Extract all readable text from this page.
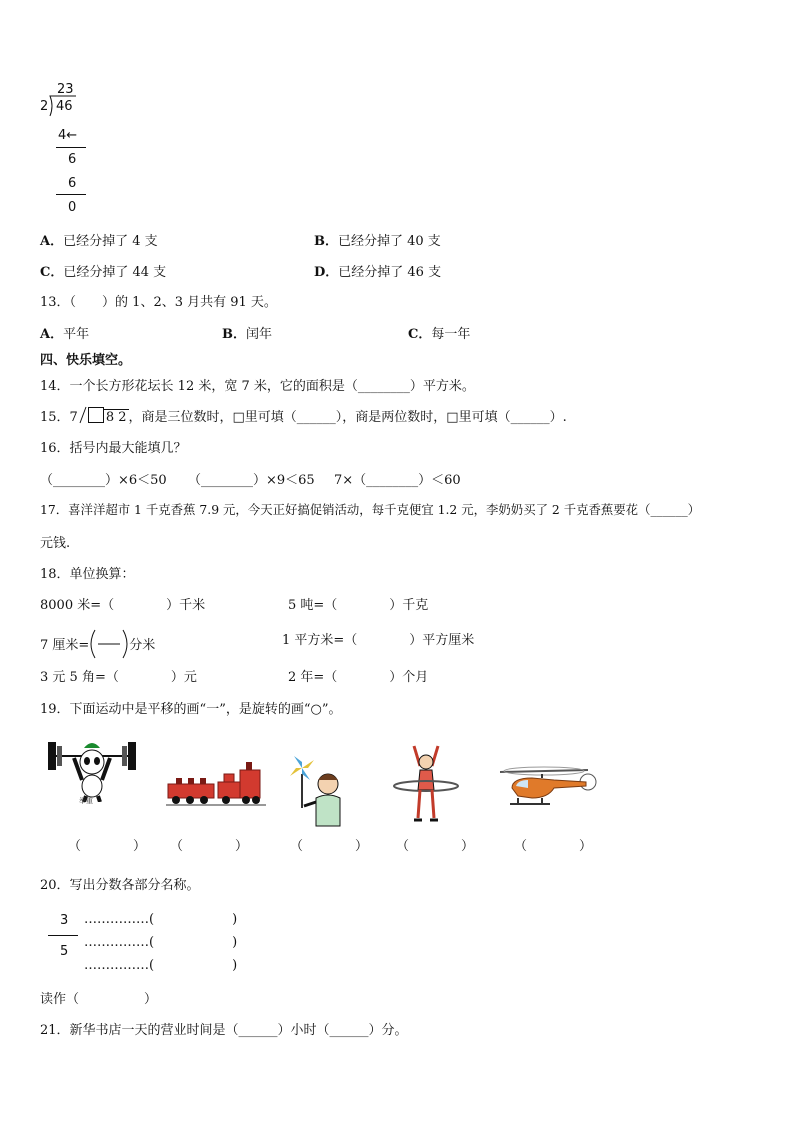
23
2 46
4←
6
6
0
A．已经分掉了 4 支	B．已经分掉了 40 支
C．已经分掉了 44 支	D．已经分掉了 46 支
13．（　　）的 1、2、3 月共有 91 天。
A．平年	B．闰年	C．每一年
四、快乐填空。
14．一个长方形花坛长 12 米，宽 7 米，它的面积是（________）平方米。
15．7 8 2 ，商是三位数时，□里可填（______），商是两位数时，□里可填（______）.
16．括号内最大能填几？
（________）×6＜50 （________）×9＜65 7×（________）＜60
17．喜洋洋超市 1 千克香蕉 7.9 元，今天正好搞促销活动，每千克便宜 1.2 元，李奶奶买了 2 千克香蕉要花（______）
元钱.
18．单位换算：
8000 米=（　　　　）千米	5 吨=（　　　　）千克
7 厘米=	分米	1 平方米=（　　　　）平方厘米
3 元 5 角=（　　　　）元	2 年=（　　　　）个月
19．下面运动中是平移的画“一”，是旋转的画“○”。
举重
（　　　　） （　　　　）	（　　　　） （　　　　）	（　　　　）
20．写出分数各部分名称。
3
5
……………(　　　　　　)
……………(　　　　　　)
……………(　　　　　　)
读作（　　　　　）
21．新华书店一天的营业时间是（______）小时（______）分。
